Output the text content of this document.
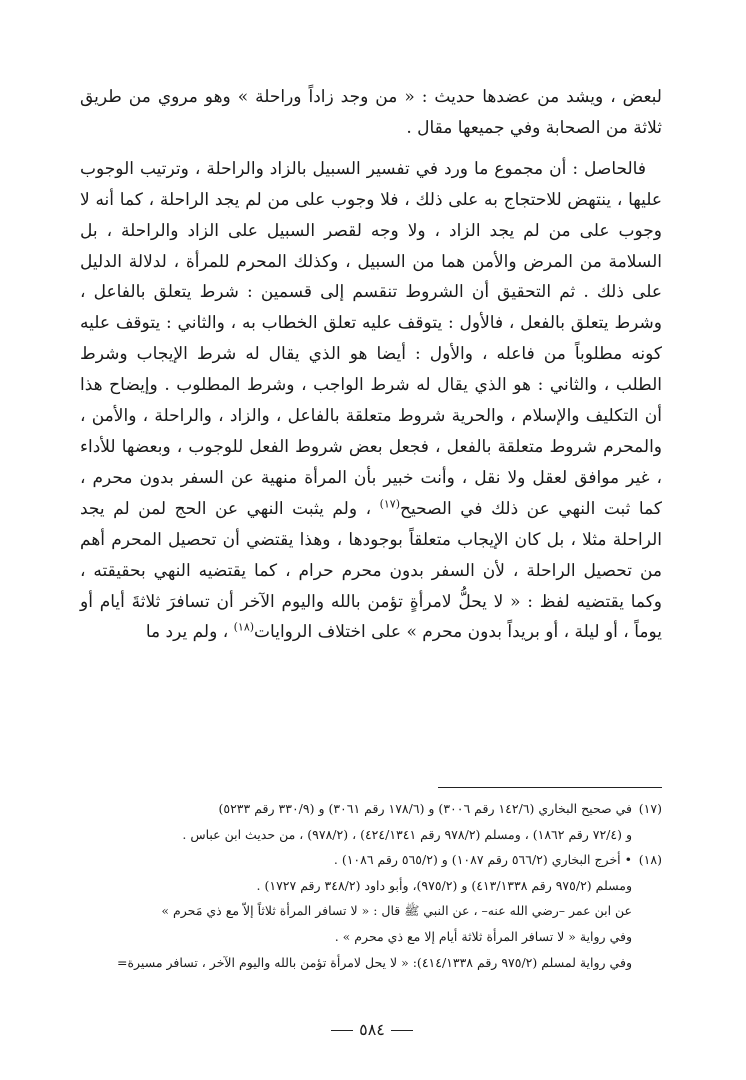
لبعض ، ويشد من عضدها حديث : « من وجد زاداً وراحلة » وهو مروي من طريق ثلاثة من الصحابة وفي جميعها مقال .

فالحاصل : أن مجموع ما ورد في تفسير السبيل بالزاد والراحلة ، وترتيب الوجوب عليها ، ينتهض للاحتجاج به على ذلك ، فلا وجوب على من لم يجد الراحلة ، كما أنه لا وجوب على من لم يجد الزاد ، ولا وجه لقصر السبيل على الزاد والراحلة ، بل السلامة من المرض والأمن هما من السبيل ، وكذلك المحرم للمرأة ، لدلالة الدليل على ذلك . ثم التحقيق أن الشروط تنقسم إلى قسمين : شرط يتعلق بالفاعل ، وشرط يتعلق بالفعل ، فالأول : يتوقف عليه تعلق الخطاب به ، والثاني : يتوقف عليه كونه مطلوباً من فاعله ، والأول : أيضا هو الذي يقال له شرط الإيجاب وشرط الطلب ، والثاني : هو الذي يقال له شرط الواجب ، وشرط المطلوب . وإيضاح هذا أن التكليف والإسلام ، والحرية شروط متعلقة بالفاعل ، والزاد ، والراحلة ، والأمن ، والمحرم شروط متعلقة بالفعل ، فجعل بعض شروط الفعل للوجوب ، وبعضها للأداء ، غير موافق لعقل ولا نقل ، وأنت خبير بأن المرأة منهية عن السفر بدون محرم ، كما ثبت النهي عن ذلك في الصحيح$^{(١٧)}$ ، ولم يثبت النهي عن الحج لمن لم يجد الراحلة مثلا ، بل كان الإيجاب متعلقاً بوجودها ، وهذا يقتضي أن تحصيل المحرم أهم من تحصيل الراحلة ، لأن السفر بدون محرم حرام ، كما يقتضيه النهي بحقيقته ، وكما يقتضيه لفظ : « لا يحلُّ لامرأةٍ تؤمن بالله واليوم الآخر أن تسافرَ ثلاثةَ أيام أو يوماً ، أو ليلة ، أو بريداً بدون محرم » على اختلاف الروايات$^{(١٨)}$ ، ولم يرد ما

(١٧)في صحيح البخاري (١٤٢/٦ رقم ٣٠٠٦) و (١٧٨/٦ رقم ٣٠٦١) و (٣٣٠/٩ رقم ٥٢٣٣)
و (٧٢/٤ رقم ١٨٦٢) ، ومسلم (٩٧٨/٢ رقم ٤٢٤/١٣٤١) ، (٩٧٨/٢) ، من حديث ابن عباس .
(١٨)• أخرج البخاري (٥٦٦/٢ رقم ١٠٨٧) و (٥٦٥/٢ رقم ١٠٨٦) .
ومسلم (٩٧٥/٢ رقم ٤١٣/١٣٣٨) و (٩٧٥/٢)، وأبو داود (٣٤٨/٢ رقم ١٧٢٧) .
عن ابن عمر –رضي الله عنه– ، عن النبي ﷺ قال : « لا تسافر المرأة ثلاثاً إلاّ مع ذي مَحرم »
وفي رواية « لا تسافر المرأة ثلاثة أيام إلا مع ذي محرم » .
وفي رواية لمسلم (٩٧٥/٢ رقم ٤١٤/١٣٣٨): « لا يحل لامرأة تؤمن بالله واليوم الآخر ، تسافر مسيرة=
٥٨٤
